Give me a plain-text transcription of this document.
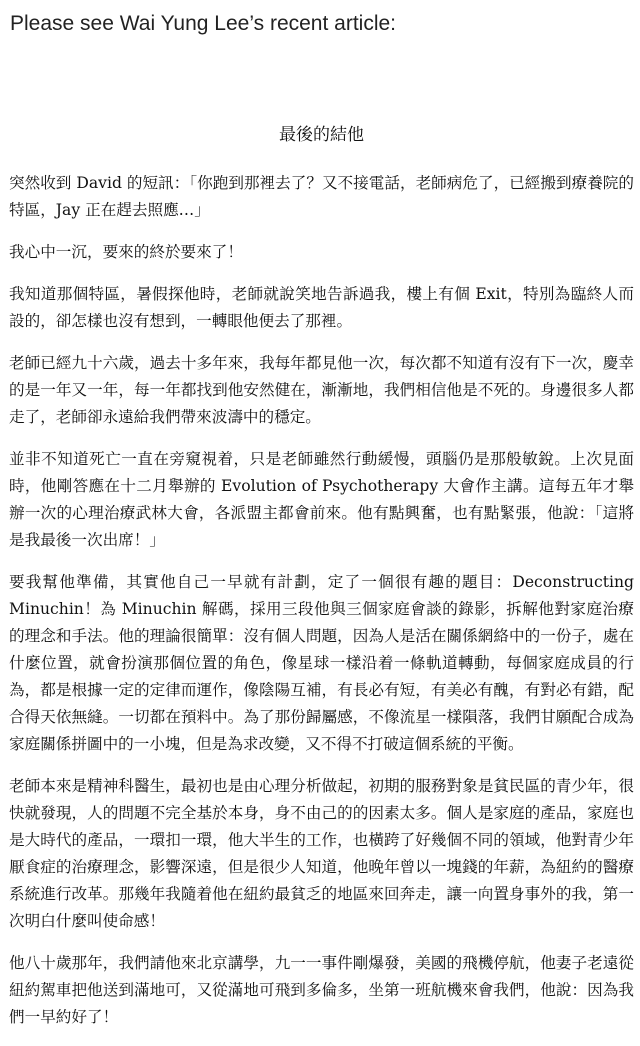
Please see Wai Yung Lee’s recent article:
最後的結他

突然收到 David 的短訊：「你跑到那裡去了？又不接電話，老師病危了，已經搬到療養院的特區，Jay 正在趕去照應…」

我心中一沉，要來的終於要來了！

我知道那個特區，暑假探他時，老師就說笑地告訴過我，樓上有個 Exit，特別為臨終人而設的，卻怎樣也沒有想到，一轉眼他便去了那裡。

老師已經九十六歲，過去十多年來，我每年都見他一次，每次都不知道有沒有下一次，慶幸的是一年又一年，每一年都找到他安然健在，漸漸地，我們相信他是不死的。身邊很多人都走了，老師卻永遠給我們帶來波濤中的穩定。

並非不知道死亡一直在旁窺視着，只是老師雖然行動緩慢，頭腦仍是那般敏銳。上次見面時，他剛答應在十二月舉辦的 Evolution of Psychotherapy 大會作主講。這每五年才舉辦一次的心理治療武林大會，各派盟主都會前來。他有點興奮，也有點緊張，他說：「這將是我最後一次出席！」

要我幫他準備，其實他自己一早就有計劃，定了一個很有趣的題目：Deconstructing Minuchin！為 Minuchin 解碼，採用三段他與三個家庭會談的錄影，拆解他對家庭治療的理念和手法。他的理論很簡單：沒有個人問題，因為人是活在關係網絡中的一份子，處在什麼位置，就會扮演那個位置的角色，像星球一樣沿着一條軌道轉動，每個家庭成員的行為，都是根據一定的定律而運作，像陰陽互補，有長必有短，有美必有醜，有對必有錯，配合得天依無縫。一切都在預料中。為了那份歸屬感，不像流星一樣隕落，我們甘願配合成為家庭關係拼圖中的一小塊，但是為求改變，又不得不打破這個系統的平衡。

老師本來是精神科醫生，最初也是由心理分析做起，初期的服務對象是貧民區的青少年，很快就發現，人的問題不完全基於本身，身不由己的的因素太多。個人是家庭的產品，家庭也是大時代的產品，一環扣一環，他大半生的工作，也橫跨了好幾個不同的領域，他對青少年厭食症的治療理念，影響深遠，但是很少人知道，他晚年曾以一塊錢的年薪，為紐約的醫療系統進行改革。那幾年我隨着他在紐約最貧乏的地區來回奔走，讓一向置身事外的我，第一次明白什麼叫使命感！

他八十歲那年，我們請他來北京講學，九一一事件剛爆發，美國的飛機停航，他妻子老遠從紐約駕車把他送到滿地可，又從滿地可飛到多倫多，坐第一班航機來會我們，他說：因為我們一早約好了！
